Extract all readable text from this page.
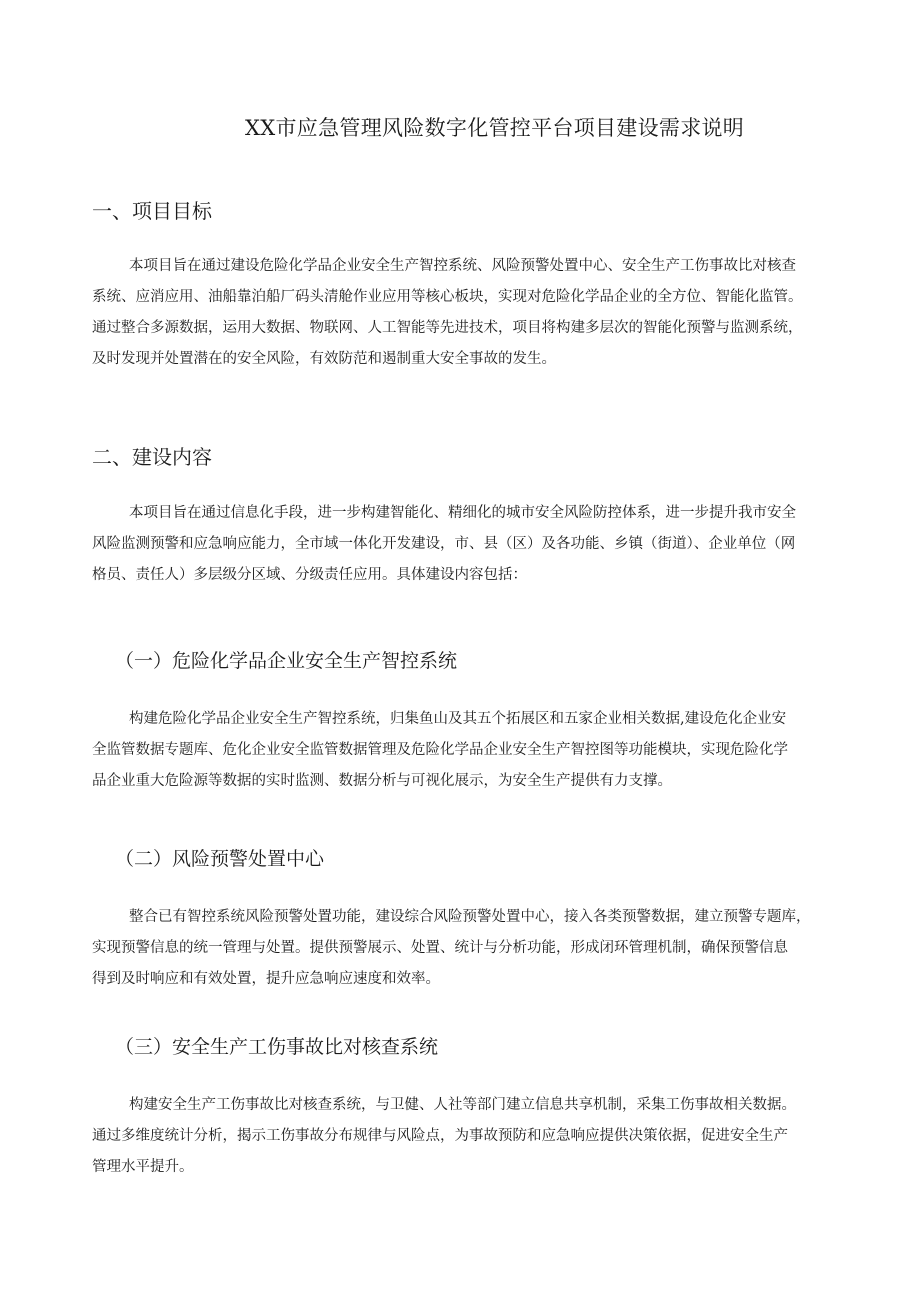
XX市应急管理风险数字化管控平台项目建设需求说明
一、项目目标
本项目旨在通过建设危险化学品企业安全生产智控系统、风险预警处置中心、安全生产工伤事故比对核查
系统、应消应用、油船靠泊船厂码头清舱作业应用等核心板块，实现对危险化学品企业的全方位、智能化监管。
通过整合多源数据，运用大数据、物联网、人工智能等先进技术，项目将构建多层次的智能化预警与监测系统，
及时发现并处置潜在的安全风险，有效防范和遏制重大安全事故的发生。
二、建设内容
本项目旨在通过信息化手段，进一步构建智能化、精细化的城市安全风险防控体系，进一步提升我市安全
风险监测预警和应急响应能力，全市域一体化开发建设，市、县（区）及各功能、乡镇（街道）、企业单位（网
格员、责任人）多层级分区域、分级责任应用。具体建设内容包括：
（一）危险化学品企业安全生产智控系统
构建危险化学品企业安全生产智控系统，归集鱼山及其五个拓展区和五家企业相关数据,建设危化企业安
全监管数据专题库、危化企业安全监管数据管理及危险化学品企业安全生产智控图等功能模块，实现危险化学
品企业重大危险源等数据的实时监测、数据分析与可视化展示，为安全生产提供有力支撑。
（二）风险预警处置中心
整合已有智控系统风险预警处置功能，建设综合风险预警处置中心，接入各类预警数据，建立预警专题库，
实现预警信息的统一管理与处置。提供预警展示、处置、统计与分析功能，形成闭环管理机制，确保预警信息
得到及时响应和有效处置，提升应急响应速度和效率。
（三）安全生产工伤事故比对核查系统
构建安全生产工伤事故比对核查系统，与卫健、人社等部门建立信息共享机制，采集工伤事故相关数据。
通过多维度统计分析，揭示工伤事故分布规律与风险点，为事故预防和应急响应提供决策依据，促进安全生产
管理水平提升。
